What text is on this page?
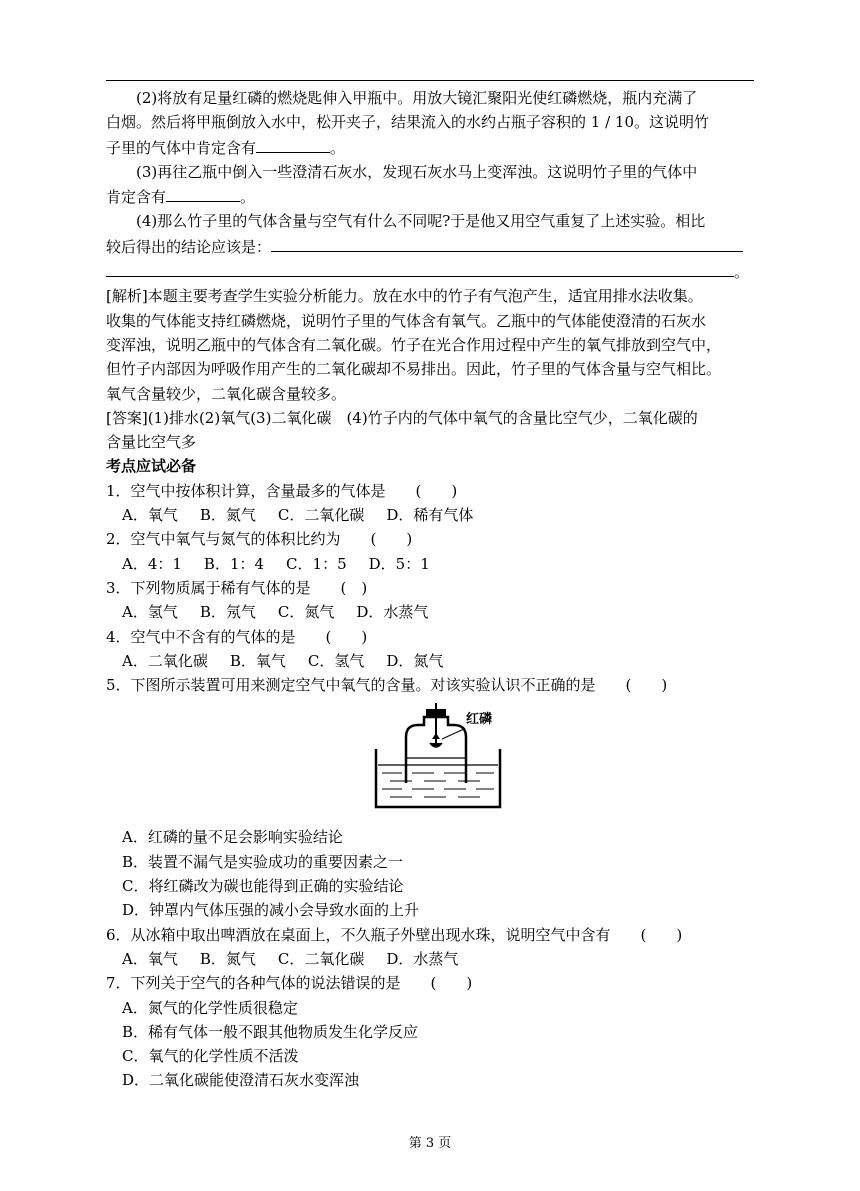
(2)将放有足量红磷的燃烧匙伸入甲瓶中。用放大镜汇聚阳光使红磷燃烧，瓶内充满了

白烟。然后将甲瓶倒放入水中，松开夹子，结果流入的水约占瓶子容积的 1 / 10。这说明竹

子里的气体中肯定含有	。

(3)再往乙瓶中倒入一些澄清石灰水，发现石灰水马上变浑浊。这说明竹子里的气体中

肯定含有	。

(4)那么竹子里的气体含量与空气有什么不同呢?于是他又用空气重复了上述实验。相比

较后得出的结论应该是：

。

[解析]本题主要考查学生实验分析能力。放在水中的竹子有气泡产生，适宜用排水法收集。

收集的气体能支持红磷燃烧，说明竹子里的气体含有氧气。乙瓶中的气体能使澄清的石灰水

变浑浊，说明乙瓶中的气体含有二氧化碳。竹子在光合作用过程中产生的氧气排放到空气中，

但竹子内部因为呼吸作用产生的二氧化碳却不易排出。因此，竹子里的气体含量与空气相比。

氧气含量较少，二氧化碳含量较多。

[答案](1)排水(2)氧气(3)二氧化碳　(4)竹子内的气体中氧气的含量比空气少，二氧化碳的

含量比空气多

考点应试必备

1．空气中按体积计算，含量最多的气体是　　(　　)

A．氧气 B．氮气 C．二氧化碳 D．稀有气体

2．空气中氧气与氮气的体积比约为　　(　　)

A．4：1 B．1：4 C．1：5 D．5：1

3．下列物质属于稀有气体的是　　(　)

A．氢气 B．氖气 C．氮气 D．水蒸气

4．空气中不含有的气体的是　　(　　)

A．二氧化碳 B．氧气 C．氢气 D．氮气

5．下图所示装置可用来测定空气中氧气的含量。对该实验认识不正确的是　　(　　)

红磷

A．红磷的量不足会影响实验结论

B．装置不漏气是实验成功的重要因素之一

C．将红磷改为碳也能得到正确的实验结论

D．钟罩内气体压强的减小会导致水面的上升

6．从冰箱中取出啤酒放在桌面上，不久瓶子外壁出现水珠，说明空气中含有　　(　　)

A．氧气 B．氮气 C．二氧化碳 D．水蒸气

7．下列关于空气的各种气体的说法错误的是　　(　　)

A．氮气的化学性质很稳定

B．稀有气体一般不跟其他物质发生化学反应

C．氧气的化学性质不活泼

D．二氧化碳能使澄清石灰水变浑浊

第 3 页
